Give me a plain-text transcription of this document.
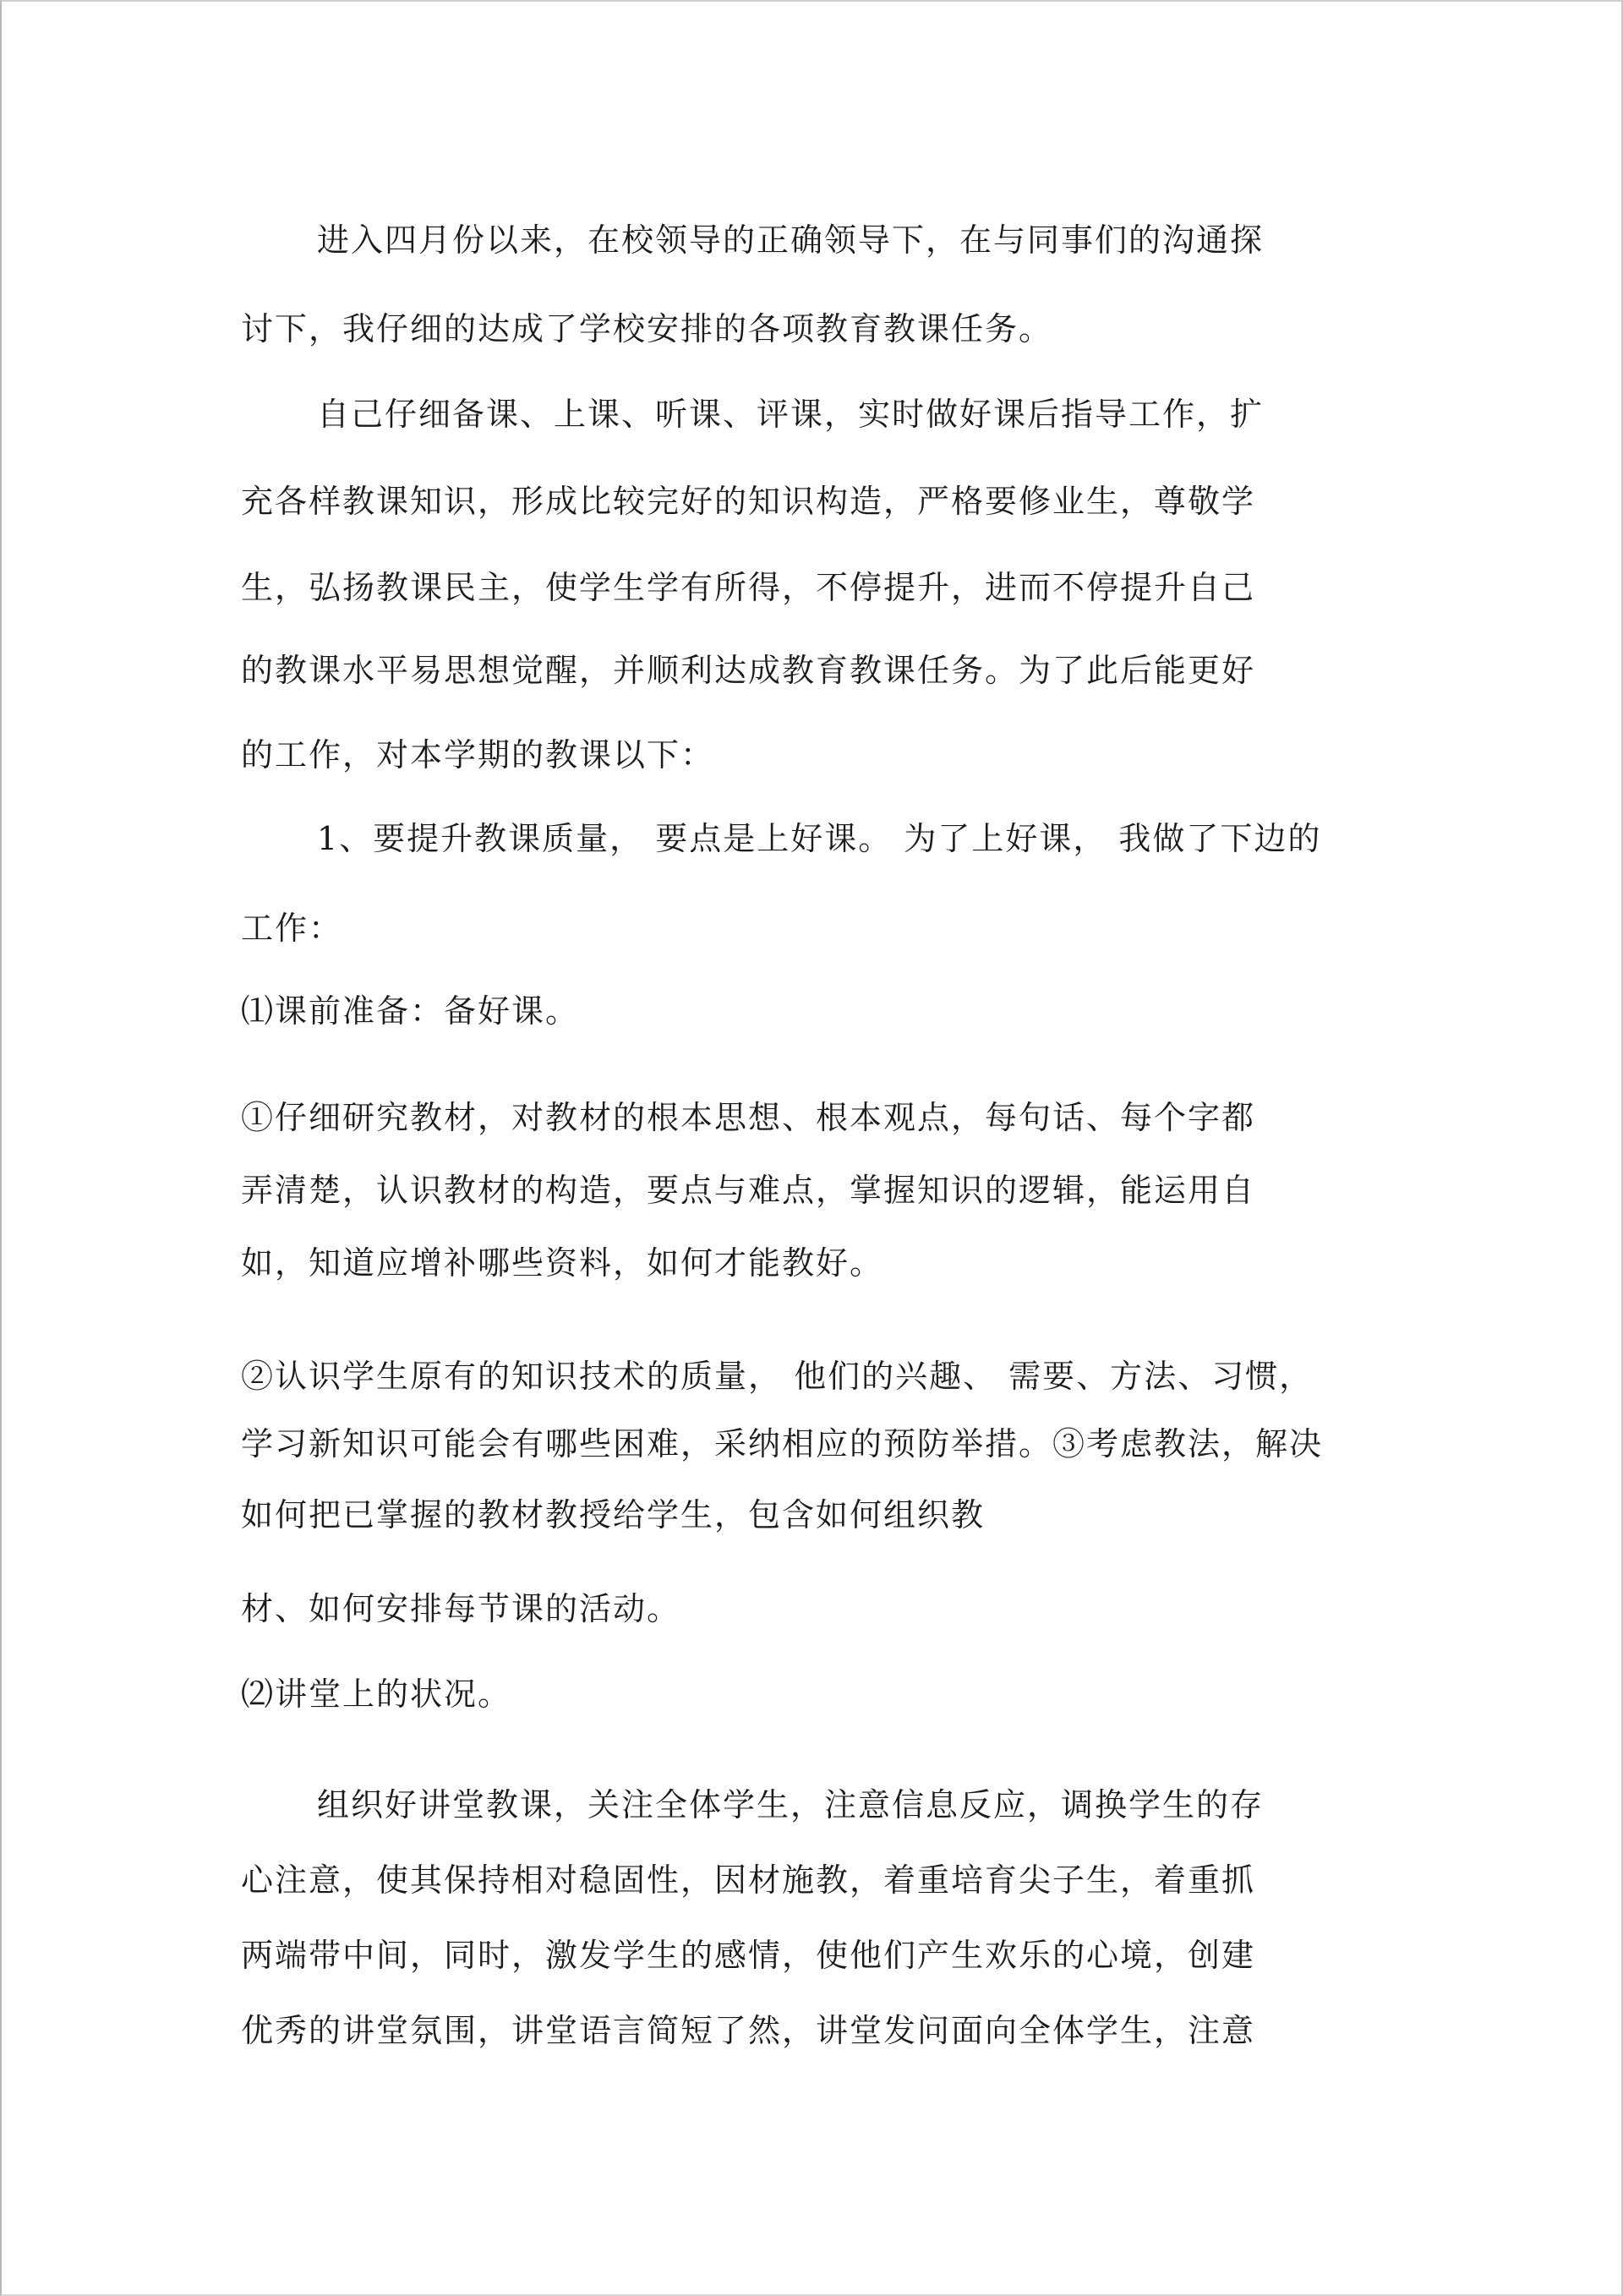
进入四月份以来，在校领导的正确领导下，在与同事们的沟通探

讨下，我仔细的达成了学校安排的各项教育教课任务。

自己仔细备课、上课、听课、评课，实时做好课后指导工作，扩

充各样教课知识，形成比较完好的知识构造，严格要修业生，尊敬学

生，弘扬教课民主，使学生学有所得，不停提升，进而不停提升自己

的教课水平易思想觉醒，并顺利达成教育教课任务。为了此后能更好

的工作，对本学期的教课以下：

1、要提升教课质量， 要点是上好课。 为了上好课， 我做了下边的

工作：

⑴课前准备：备好课。

①仔细研究教材，对教材的根本思想、根本观点，每句话、每个字都

弄清楚，认识教材的构造，要点与难点，掌握知识的逻辑，能运用自

如，知道应增补哪些资料，如何才能教好。

②认识学生原有的知识技术的质量， 他们的兴趣、 需要、方法、习惯，

学习新知识可能会有哪些困难，采纳相应的预防举措。③考虑教法，解决

如何把已掌握的教材教授给学生，包含如何组织教

材、如何安排每节课的活动。

⑵讲堂上的状况。

组织好讲堂教课，关注全体学生，注意信息反应，调换学生的存

心注意，使其保持相对稳固性，因材施教，着重培育尖子生，着重抓

两端带中间，同时，激发学生的感情，使他们产生欢乐的心境，创建

优秀的讲堂氛围，讲堂语言简短了然，讲堂发问面向全体学生，注意
